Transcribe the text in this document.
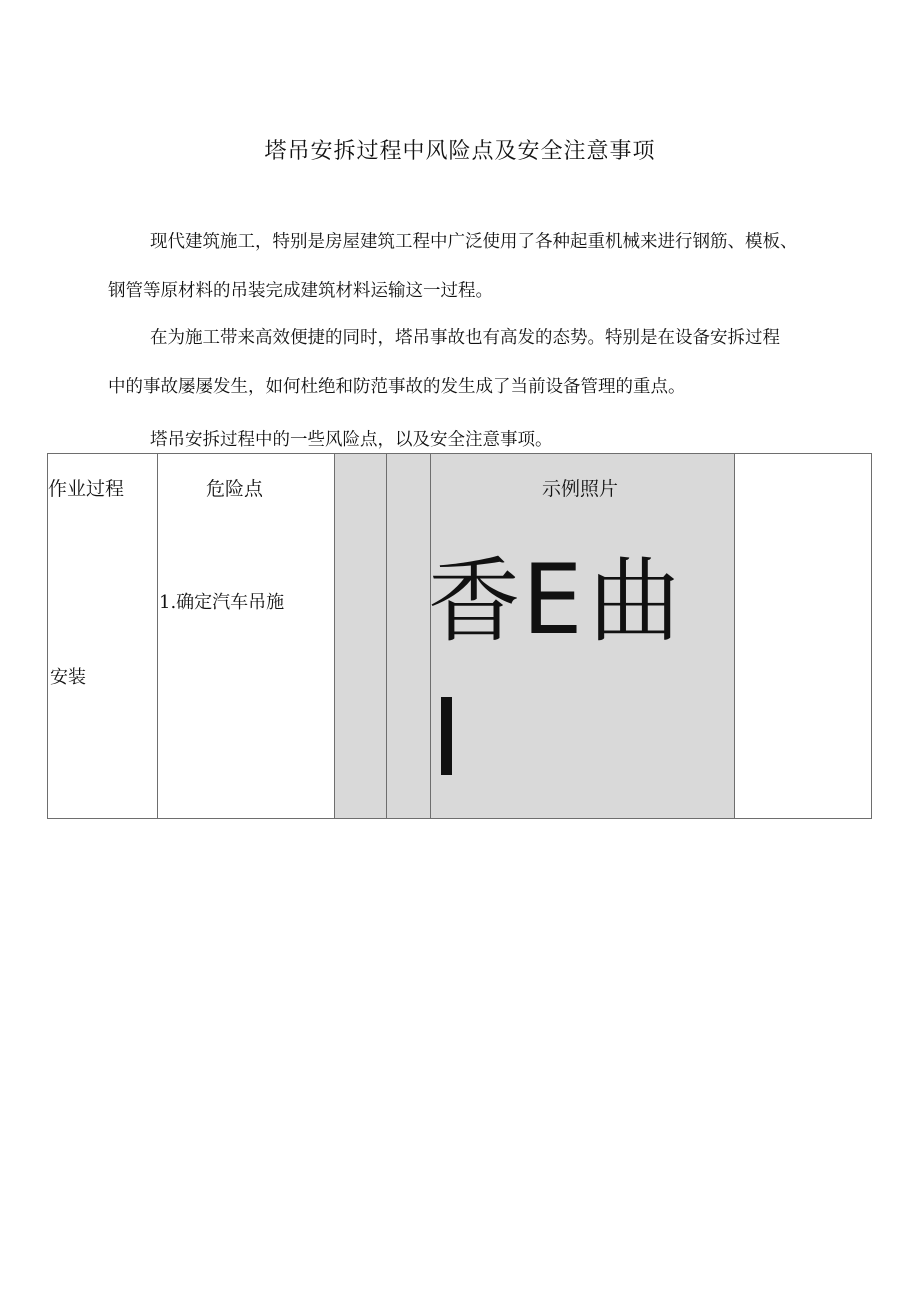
塔吊安拆过程中风险点及安全注意事项

现代建筑施工，特别是房屋建筑工程中广泛使用了各种起重机械来进行钢筋、模板、
钢管等原材料的吊装完成建筑材料运输这一过程。

在为施工带来高效便捷的同时，塔吊事故也有高发的态势。特别是在设备安拆过程
中的事故屡屡发生，如何杜绝和防范事故的发生成了当前设备管理的重点。

塔吊安拆过程中的一些风险点，以及安全注意事项。

作业过程	危险点	示例照片
1.确定汽车吊施
安装
香E曲
